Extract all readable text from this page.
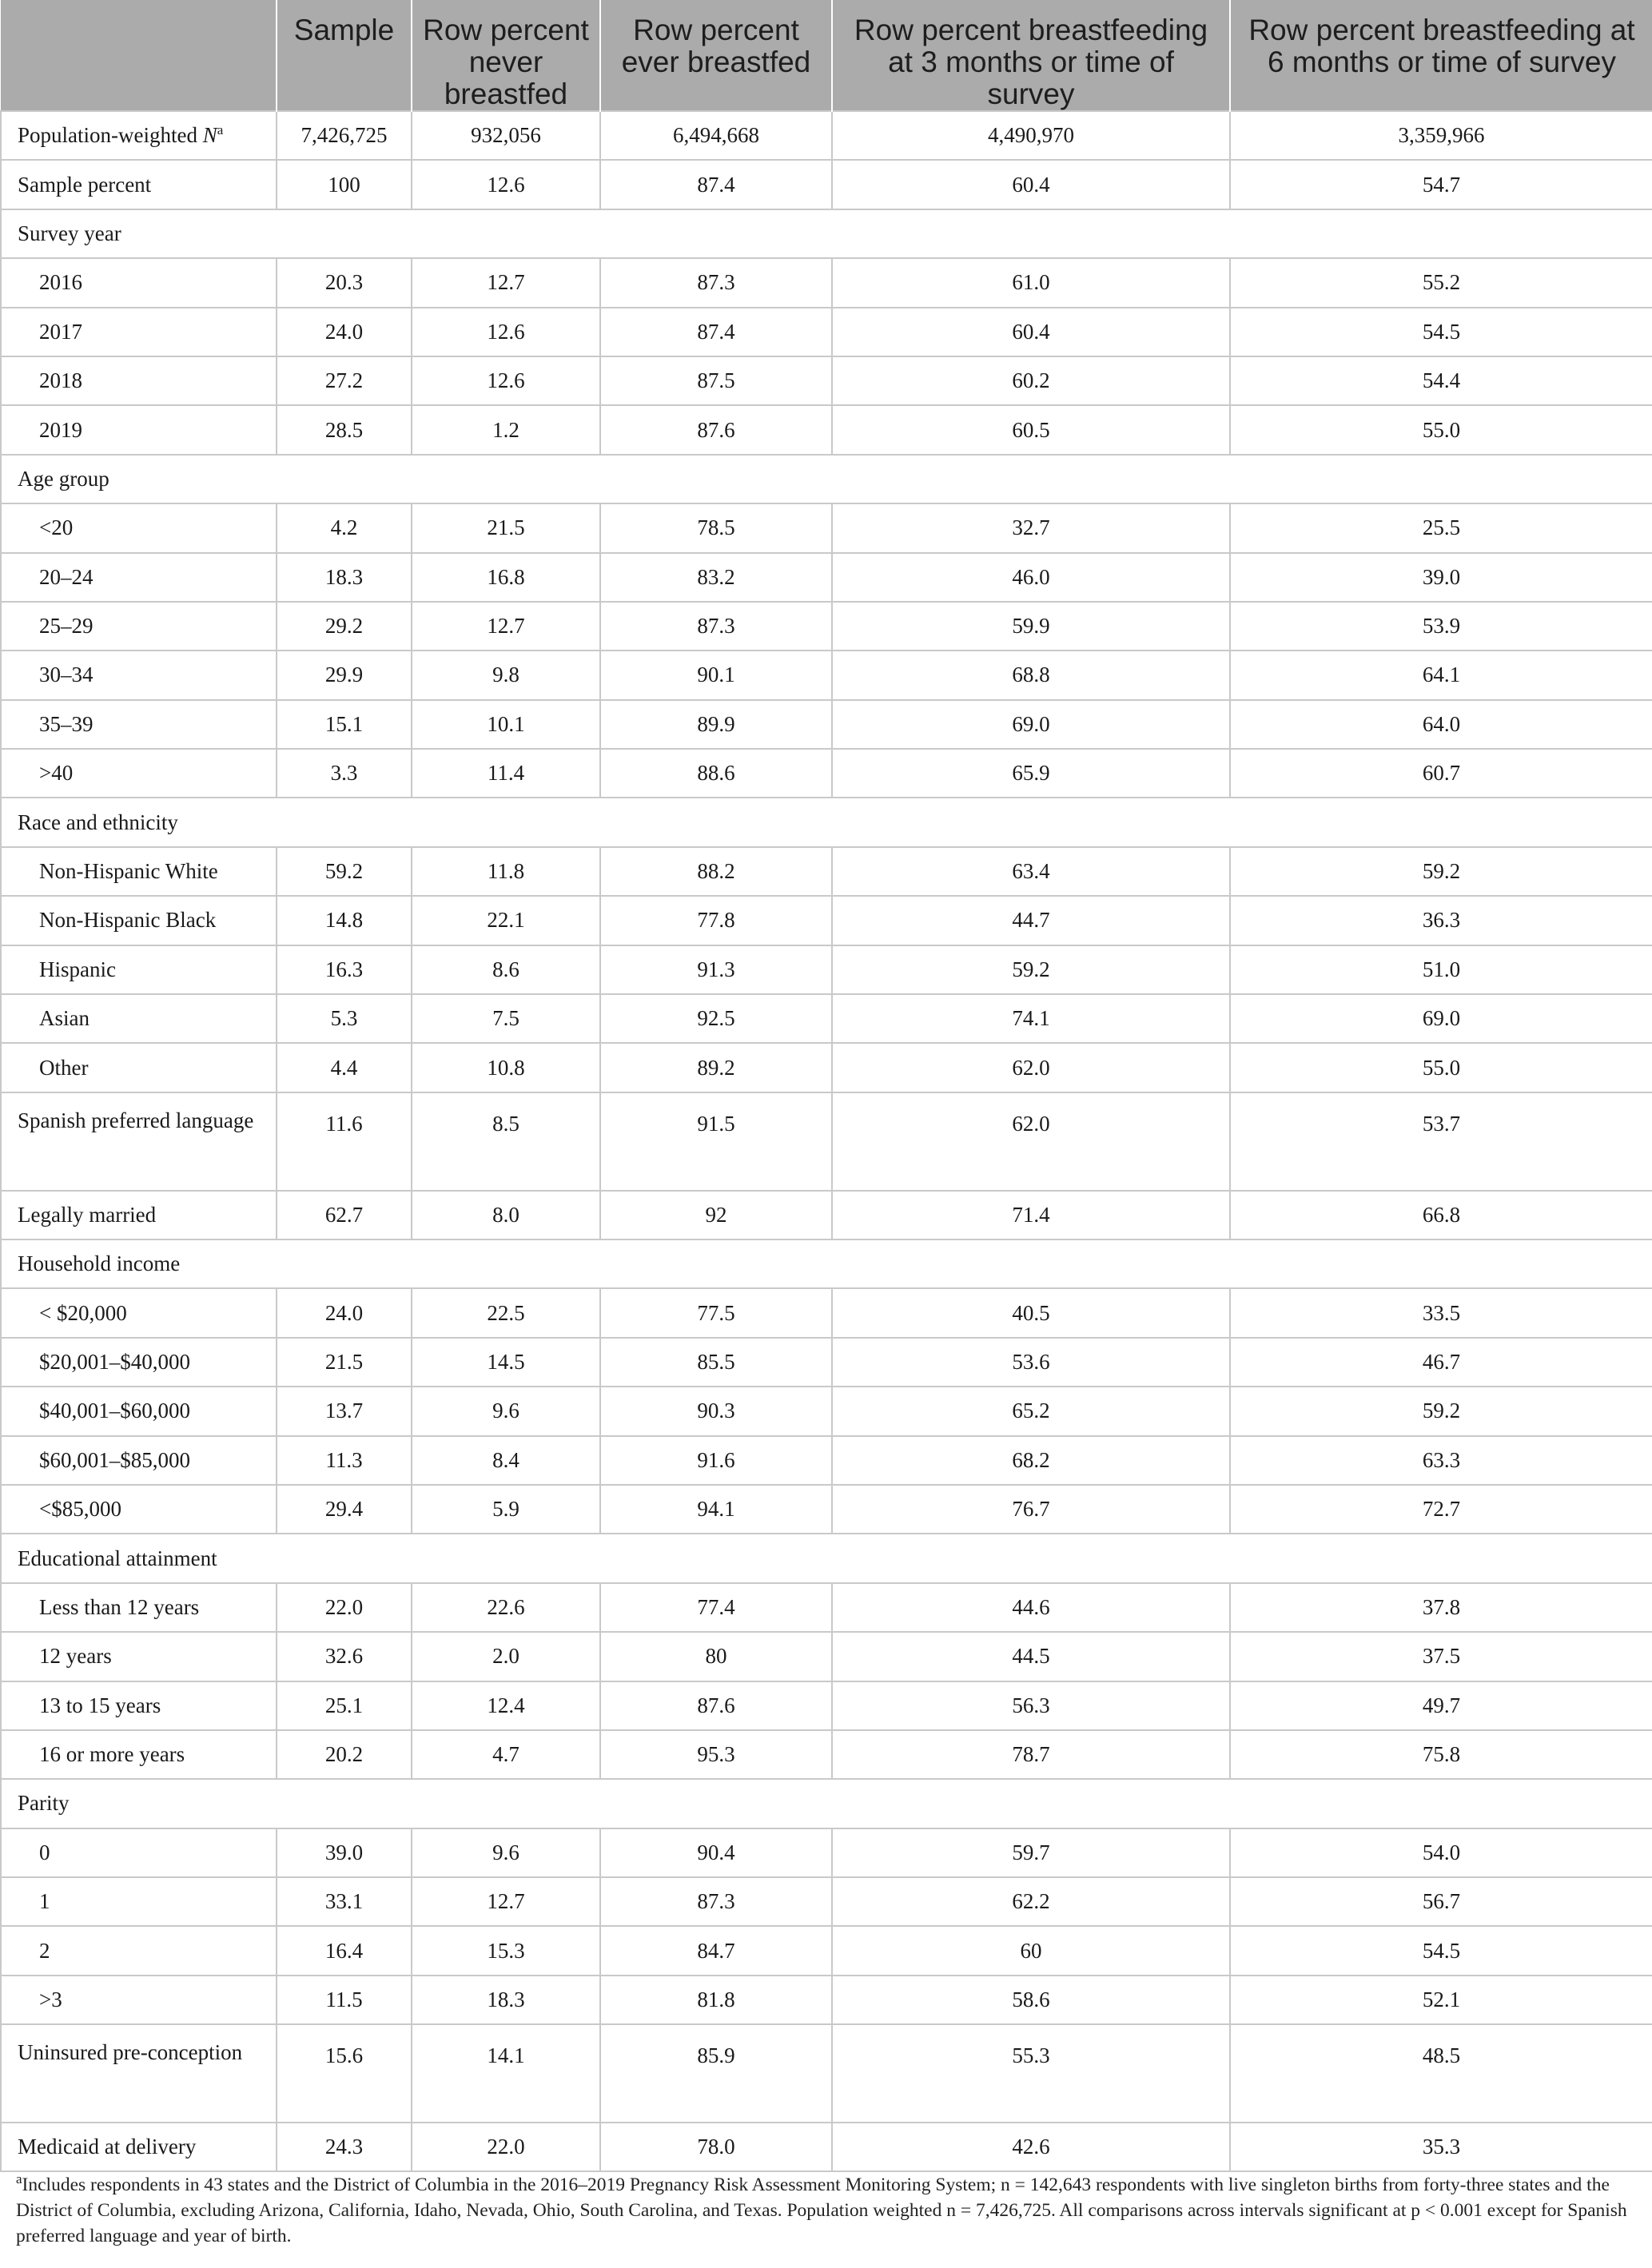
	Sample	Row percent never breastfed	Row percent ever breastfed	Row percent breastfeeding at 3 months or time of survey	Row percent breastfeeding at 6 months or time of survey
Population-weighted $N^a$	7,426,725	932,056	6,494,668	4,490,970	3,359,966
Sample percent	100	12.6	87.4	60.4	54.7
Survey year					
2016	20.3	12.7	87.3	61.0	55.2
2017	24.0	12.6	87.4	60.4	54.5
2018	27.2	12.6	87.5	60.2	54.4
2019	28.5	1.2	87.6	60.5	55.0
Age group					
<20	4.2	21.5	78.5	32.7	25.5
20–24	18.3	16.8	83.2	46.0	39.0
25–29	29.2	12.7	87.3	59.9	53.9
30–34	29.9	9.8	90.1	68.8	64.1
35–39	15.1	10.1	89.9	69.0	64.0
>40	3.3	11.4	88.6	65.9	60.7
Race and ethnicity					
Non-Hispanic White	59.2	11.8	88.2	63.4	59.2
Non-Hispanic Black	14.8	22.1	77.8	44.7	36.3
Hispanic	16.3	8.6	91.3	59.2	51.0
Asian	5.3	7.5	92.5	74.1	69.0
Other	4.4	10.8	89.2	62.0	55.0
Spanish preferred language	11.6	8.5	91.5	62.0	53.7
Legally married	62.7	8.0	92	71.4	66.8
Household income					
< $20,000	24.0	22.5	77.5	40.5	33.5
$20,001–$40,000	21.5	14.5	85.5	53.6	46.7
$40,001–$60,000	13.7	9.6	90.3	65.2	59.2
$60,001–$85,000	11.3	8.4	91.6	68.2	63.3
<$85,000	29.4	5.9	94.1	76.7	72.7
Educational attainment					
Less than 12 years	22.0	22.6	77.4	44.6	37.8
12 years	32.6	2.0	80	44.5	37.5
13 to 15 years	25.1	12.4	87.6	56.3	49.7
16 or more years	20.2	4.7	95.3	78.7	75.8
Parity					
0	39.0	9.6	90.4	59.7	54.0
1	33.1	12.7	87.3	62.2	56.7
2	16.4	15.3	84.7	60	54.5
>3	11.5	18.3	81.8	58.6	52.1
Uninsured pre-conception	15.6	14.1	85.9	55.3	48.5
Medicaid at delivery	24.3	22.0	78.0	42.6	35.3
$^a$Includes respondents in 43 states and the District of Columbia in the 2016–2019 Pregnancy Risk Assessment Monitoring System; n = 142,643 respondents with live singleton births from forty-three states and the District of Columbia, excluding Arizona, California, Idaho, Nevada, Ohio, South Carolina, and Texas. Population weighted n = 7,426,725. All comparisons across intervals significant at p < 0.001 except for Spanish preferred language and year of birth.
